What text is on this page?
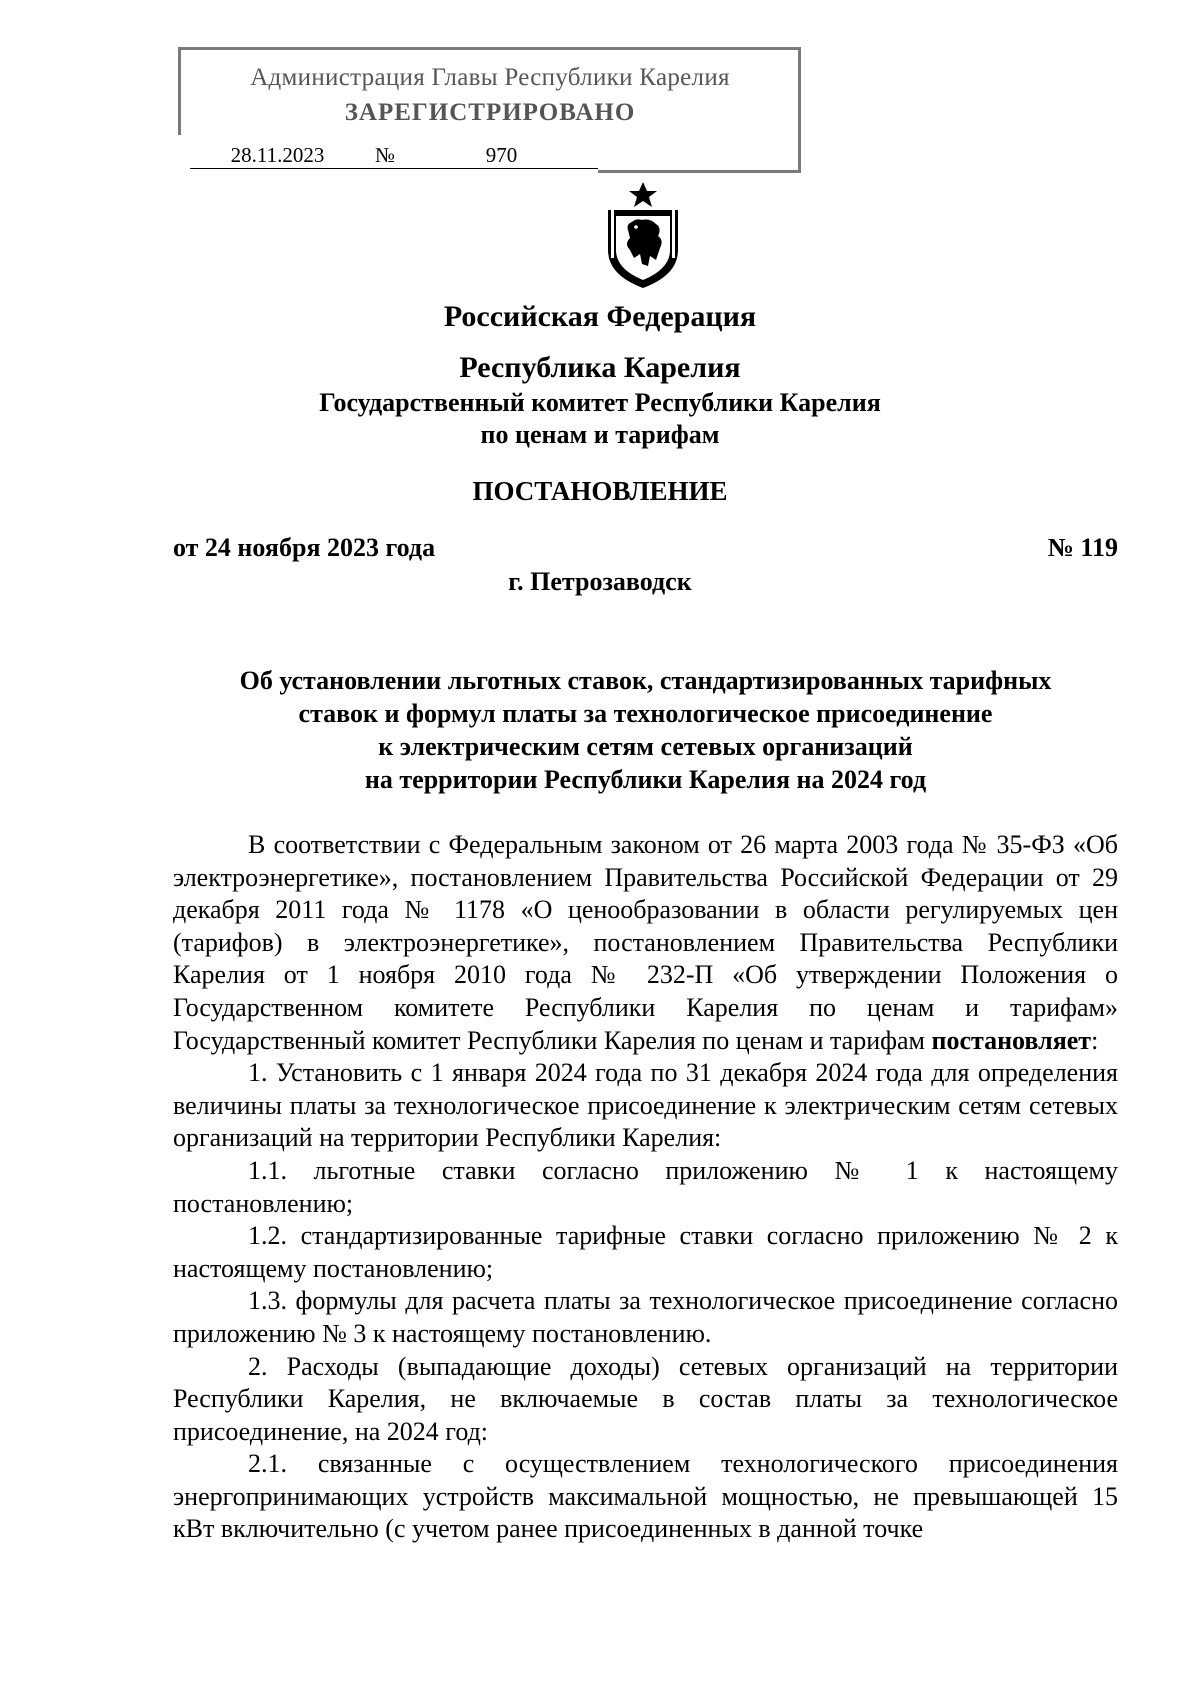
Администрация Главы Республики Карелия
ЗАРЕГИСТРИРОВАНО
28.11.2023	№	970
Российская Федерация
Республика Карелия
Государственный комитет Республики Карелия
по ценам и тарифам
ПОСТАНОВЛЕНИЕ
от 24 ноября 2023 года	№ 119
г. Петрозаводск
Об установлении льготных ставок, стандартизированных тарифных
ставок и формул платы за технологическое присоединение
к электрическим сетям сетевых организаций
на территории Республики Карелия на 2024 год

В соответствии с Федеральным законом от 26 марта 2003 года № 35-ФЗ «Об электроэнергетике», постановлением Правительства Российской Федерации от 29 декабря 2011 года № 1178 «О ценообразовании в области регулируемых цен (тарифов) в электроэнергетике», постановлением Правительства Республики Карелия от 1 ноября 2010 года № 232-П «Об утверждении Положения о Государственном комитете Республики Карелия по ценам и тарифам» Государственный комитет Республики Карелия по ценам и тарифам постановляет:

1. Установить с 1 января 2024 года по 31 декабря 2024 года для определения величины платы за технологическое присоединение к электрическим сетям сетевых организаций на территории Республики Карелия:

1.1. льготные ставки согласно приложению № 1 к настоящему постановлению;

1.2. стандартизированные тарифные ставки согласно приложению № 2 к настоящему постановлению;

1.3. формулы для расчета платы за технологическое присоединение согласно приложению № 3 к настоящему постановлению.

2. Расходы (выпадающие доходы) сетевых организаций на территории Республики Карелия, не включаемые в состав платы за технологическое присоединение, на 2024 год:

2.1. связанные с осуществлением технологического присоединения энергопринимающих устройств максимальной мощностью, не превышающей 15 кВт включительно (с учетом ранее присоединенных в данной точке
